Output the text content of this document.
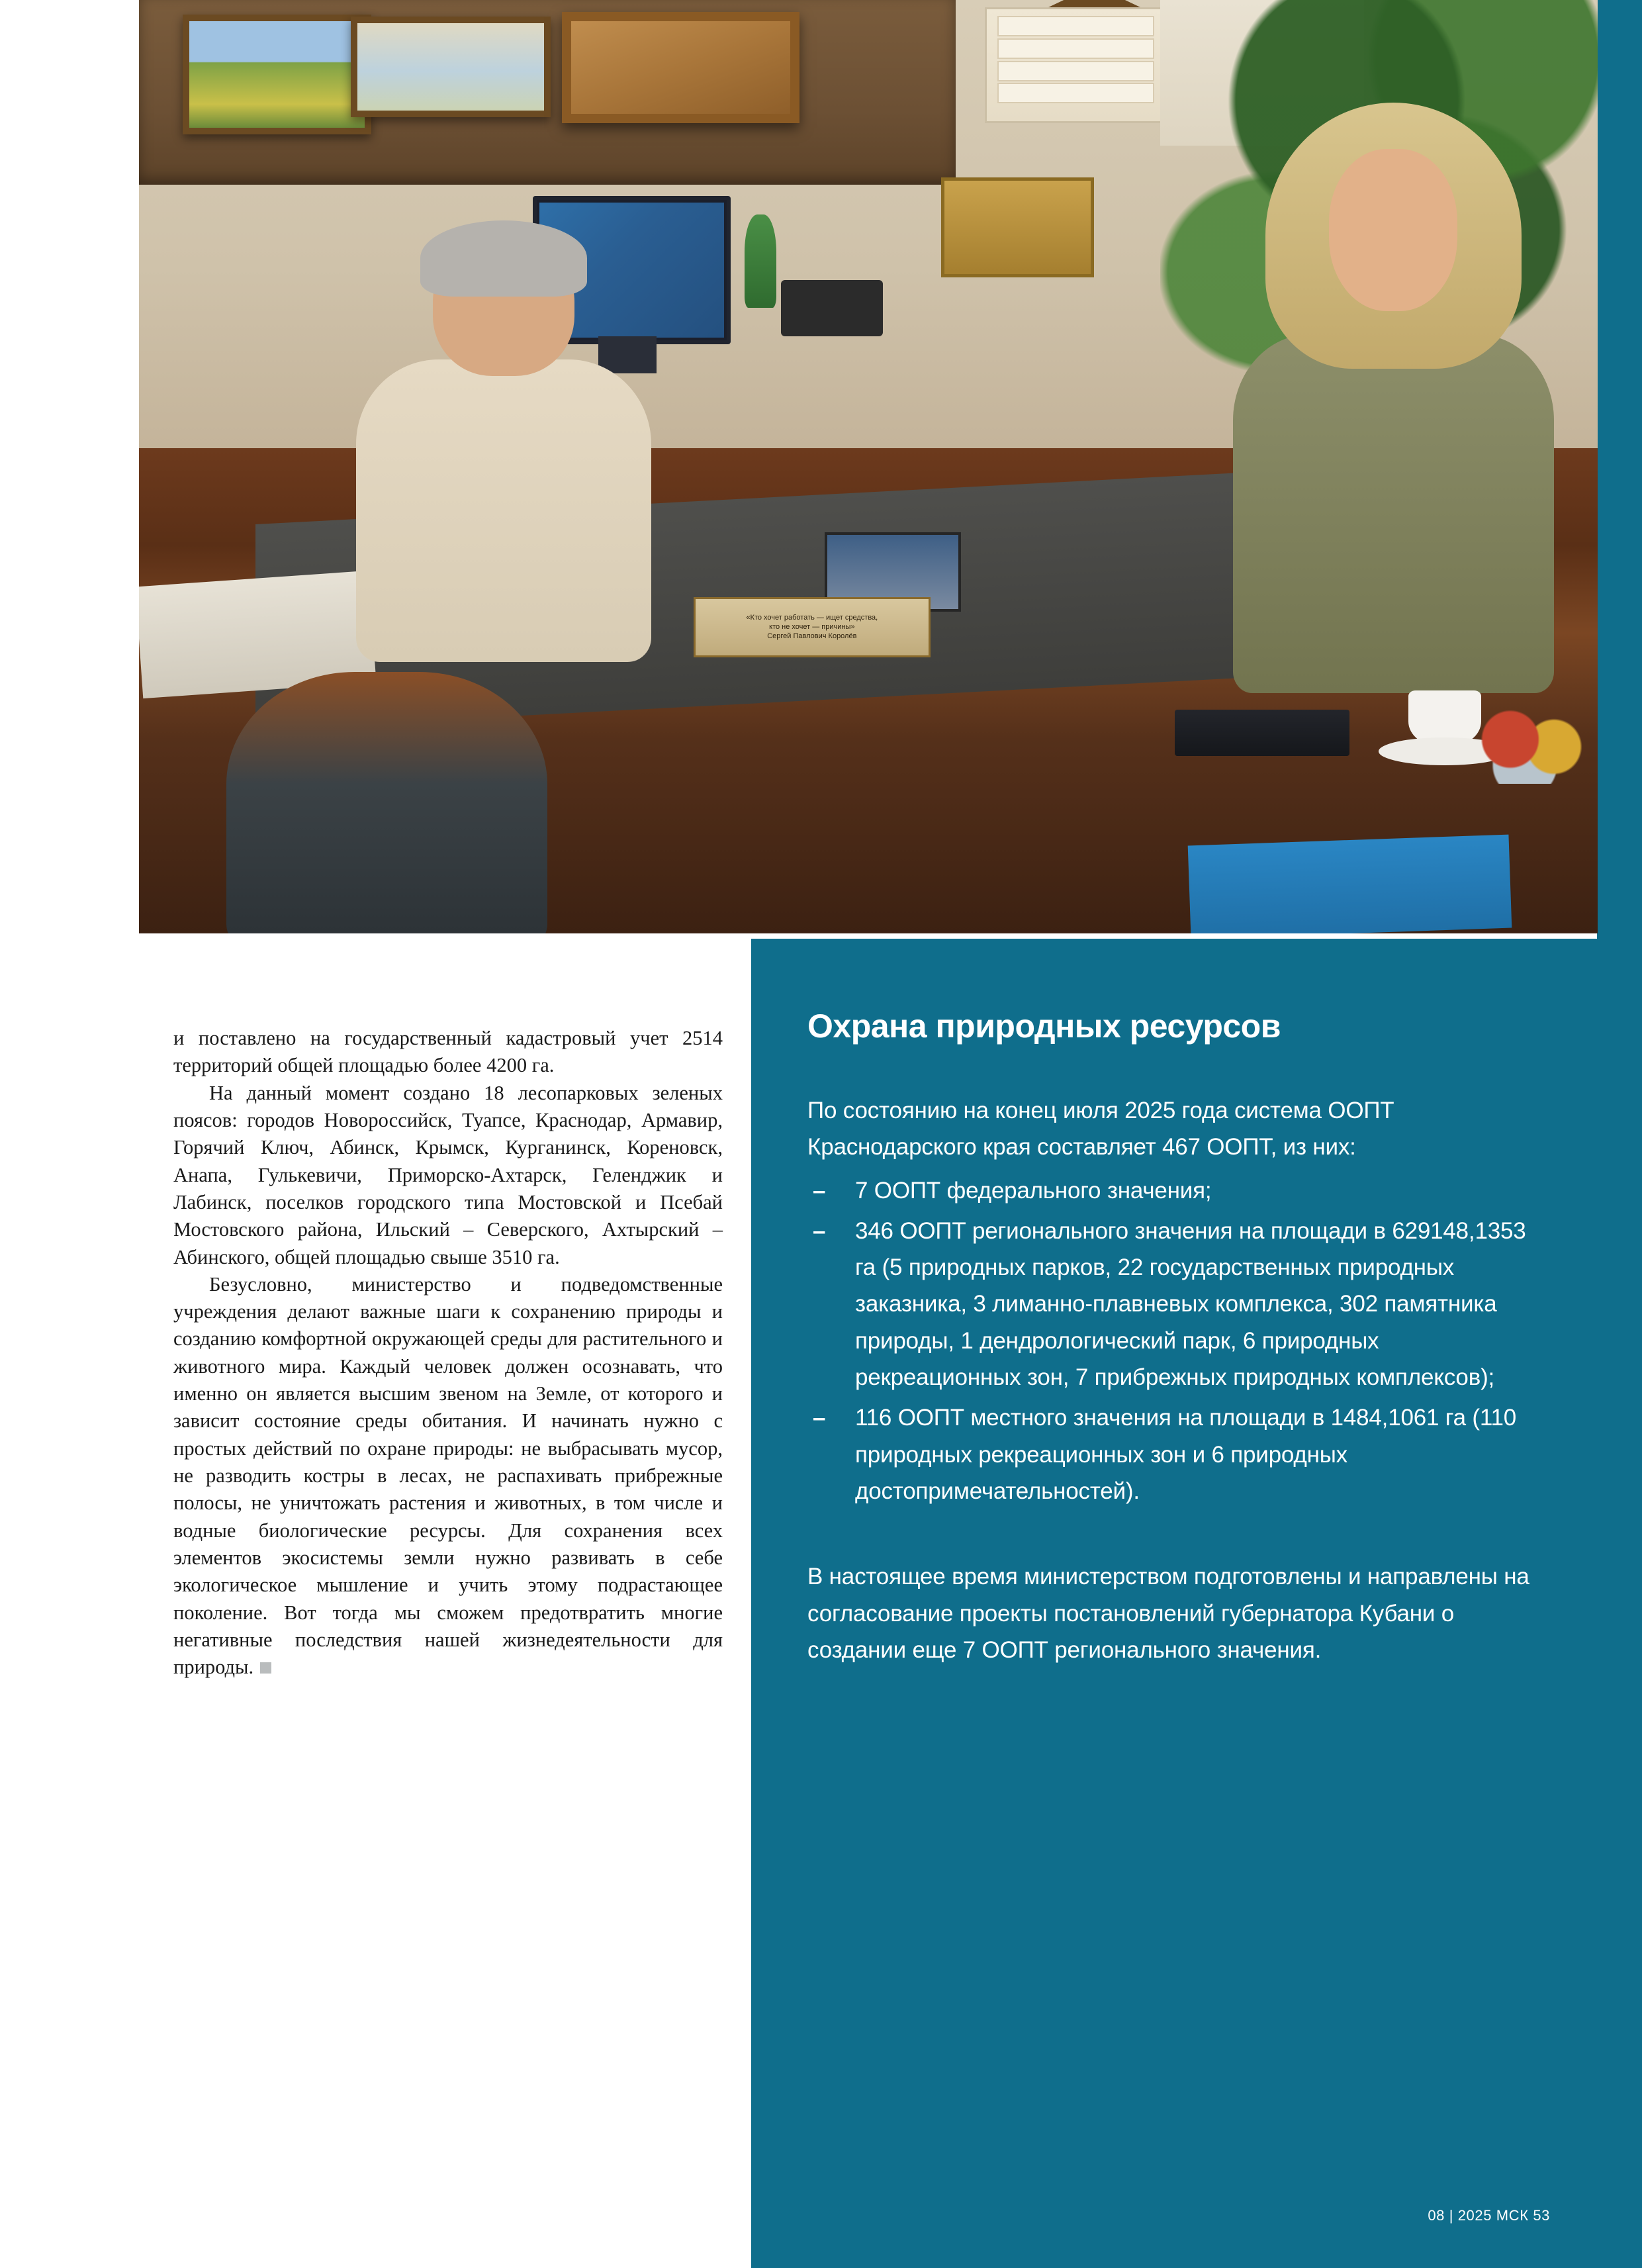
«Кто хочет работать — ищет средства,
кто не хочет — причины»
Сергей Павлович Королёв

и поставлено на государственный кадастровый учет 2514 территорий общей площадью более 4200 га.

На данный момент создано 18 лесопарковых зеленых поясов: городов Новороссийск, Туапсе, Краснодар, Армавир, Горячий Ключ, Абинск, Крымск, Курганинск, Кореновск, Анапа, Гулькевичи, Приморско-Ахтарск, Геленджик и Лабинск, поселков городского типа Мостовской и Псебай Мостовского района, Ильский – Северского, Ахтырский – Абинского, общей площадью свыше 3510 га.

Безусловно, министерство и подведомственные учреждения делают важные шаги к сохранению природы и созданию комфортной окружающей среды для растительного и животного мира. Каждый человек должен осознавать, что именно он является высшим звеном на Земле, от которого и зависит состояние среды обитания. И начинать нужно с простых действий по охране природы: не выбрасывать мусор, не разводить костры в лесах, не распахивать прибрежные полосы, не уничтожать растения и животных, в том числе и водные биологические ресурсы. Для сохранения всех элементов экосистемы земли нужно развивать в себе экологическое мышление и учить этому подрастающее поколение. Вот тогда мы сможем предотвратить многие негативные последствия нашей жизнедеятельности для природы.

Охрана природных ресурсов

По состоянию на конец июля 2025 года система ООПТ Краснодарского края составляет 467 ООПТ, из них:

– 7 ООПТ федерального значения;
– 346 ООПТ регионального значения на площади в 629148,1353 га (5 природных парков, 22 государственных природных заказника, 3 лиманно-плавневых комплекса, 302 памятника природы, 1 дендрологический парк, 6 природных рекреационных зон, 7 прибрежных природных комплексов);
– 116 ООПТ местного значения на площади в 1484,1061 га (110 природных рекреационных зон и 6 природных достопримечательностей).

В настоящее время министерством подготовлены и направлены на согласование проекты постановлений губернатора Кубани о создании еще 7 ООПТ регионального значения.

08 | 2025 МСК 53
